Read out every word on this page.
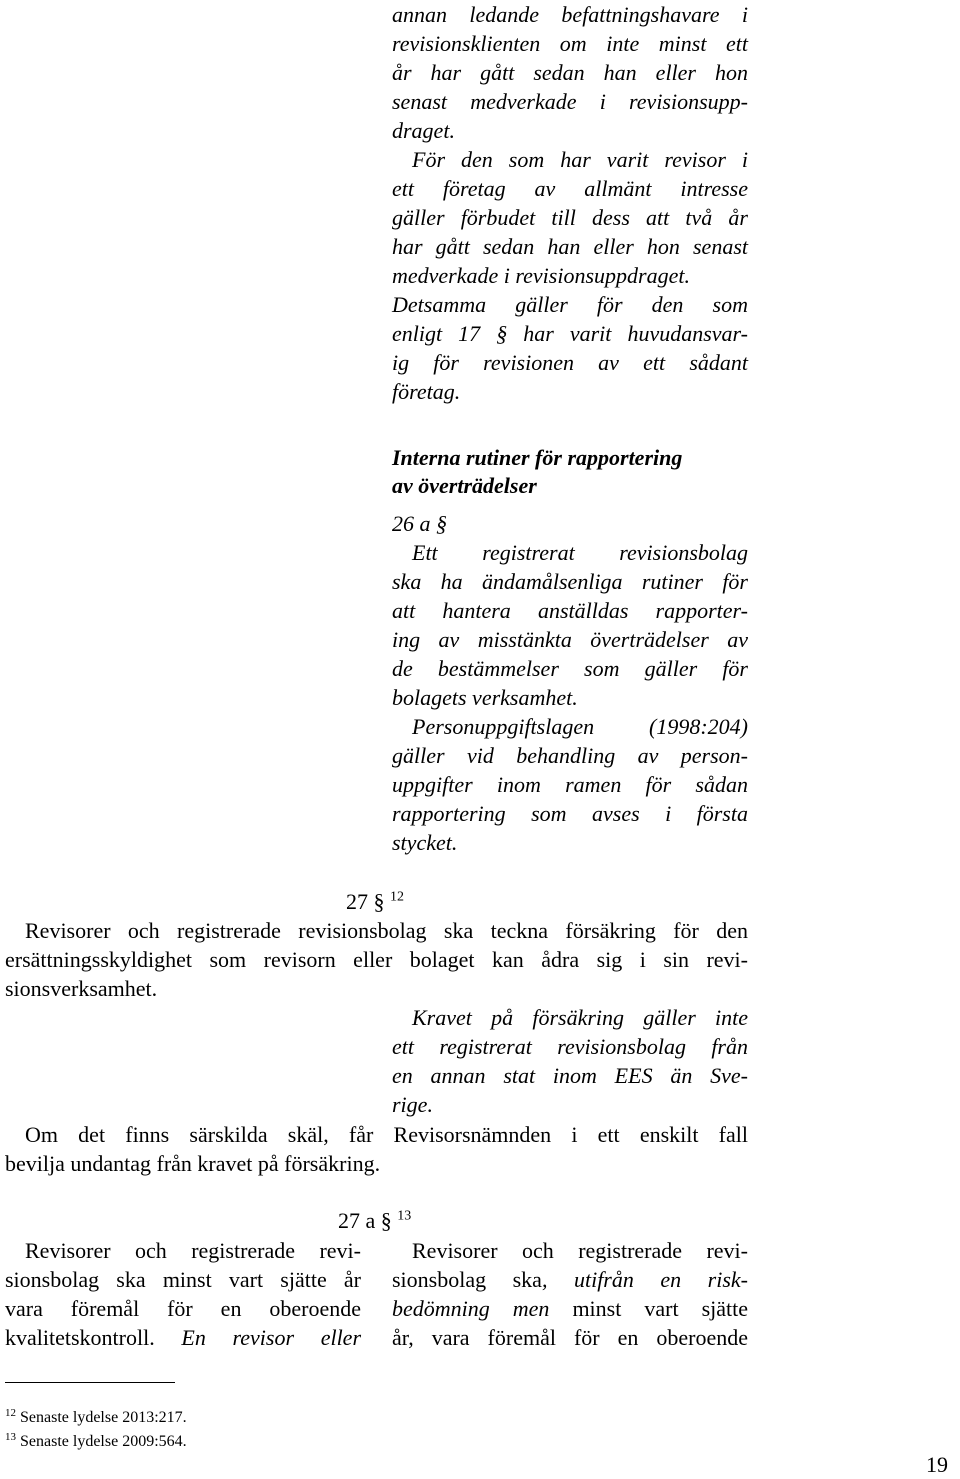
annan ledande befattningshavare i
revisionsklienten om inte minst ett
år har gått sedan han eller hon
senast medverkade i revisionsupp-
draget.
För den som har varit revisor i
ett företag av allmänt intresse
gäller förbudet till dess att två år
har gått sedan han eller hon senast
medverkade i revisionsuppdraget.
Detsamma gäller för den som
enligt 17 § har varit huvudansvar-
ig för revisionen av ett sådant
företag.
Interna rutiner för rapportering
av överträdelser
26 a §
Ett registrerat revisionsbolag
ska ha ändamålsenliga rutiner för
att hantera anställdas rapporter-
ing av misstänkta överträdelser av
de bestämmelser som gäller för
bolagets verksamhet.
Personuppgiftslagen (1998:204)
gäller vid behandling av person-
uppgifter inom ramen för sådan
rapportering som avses i första
stycket.
27 § $^{12}$
Revisorer och registrerade revisionsbolag ska teckna försäkring för den
ersättningsskyldighet som revisorn eller bolaget kan ådra sig i sin revi-
sionsverksamhet.
Kravet på försäkring gäller inte
ett registrerat revisionsbolag från
en annan stat inom EES än Sve-
rige.
Om det finns särskilda skäl, får Revisorsnämnden i ett enskilt fall
bevilja undantag från kravet på försäkring.
27 a § $^{13}$
Revisorer och registrerade revi-
sionsbolag ska minst vart sjätte år
vara föremål för en oberoende
kvalitetskontroll. En revisor eller
Revisorer och registrerade revi-
sionsbolag ska, utifrån en risk-
bedömning men minst vart sjätte
år, vara föremål för en oberoende
$^{12}$ Senaste lydelse 2013:217.
$^{13}$ Senaste lydelse 2009:564.
19
